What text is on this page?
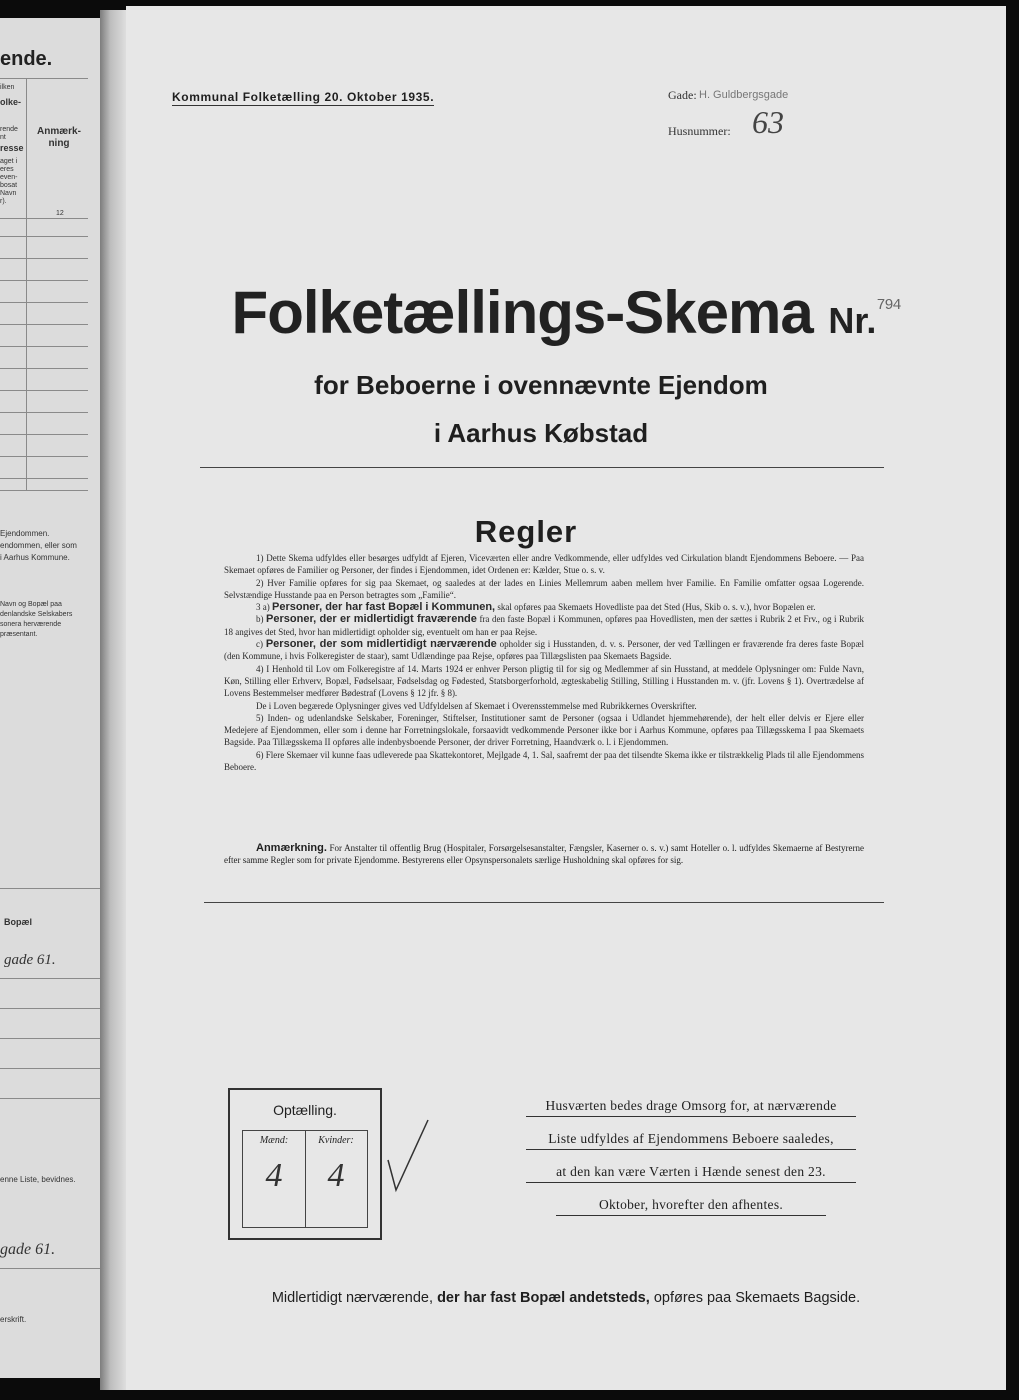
ende.
ilken
olke-
rende
nt
resse
aget i
eres
even-
bosat
Navn
r).
Anmærk-
ning
12
Ejendommen.
endommen, eller som
i Aarhus Kommune.
Navn og Bopæl paa
denlandske Selskabers
sonera herværende
præsentant.
Bopæl
gade 61.
enne Liste, bevidnes.
gade 61.
erskrift.
Kommunal Folketælling 20. Oktober 1935.	Gade: H. Guldbergsgade
Husnummer: 63
Folketællings-Skema Nr.$^{794}$
for Beboerne i ovennævnte Ejendom
i Aarhus Købstad
Regler

1) Dette Skema udfyldes eller besørges udfyldt af Ejeren, Viceværten eller andre Vedkommende, eller udfyldes ved Cirkulation blandt Ejendommens Beboere. — Paa Skemaet opføres de Familier og Personer, der findes i Ejendommen, idet Ordenen er: Kælder, Stue o. s. v.

2) Hver Familie opføres for sig paa Skemaet, og saaledes at der lades en Linies Mellemrum aaben mellem hver Familie. En Familie omfatter ogsaa Logerende. Selvstændige Husstande paa en Person betragtes som „Familie“.

3 a) Personer, der har fast Bopæl i Kommunen, skal opføres paa Skemaets Hovedliste paa det Sted (Hus, Skib o. s. v.), hvor Bopælen er.

b) Personer, der er midlertidigt fraværende fra den faste Bopæl i Kommunen, opføres paa Hovedlisten, men der sættes i Rubrik 2 et Frv., og i Rubrik 18 angives det Sted, hvor han midlertidigt opholder sig, eventuelt om han er paa Rejse.

c) Personer, der som midlertidigt nærværende opholder sig i Husstanden, d. v. s. Personer, der ved Tællingen er fraværende fra deres faste Bopæl (den Kommune, i hvis Folkeregister de staar), samt Udlændinge paa Rejse, opføres paa Tillægslisten paa Skemaets Bagside.

4) I Henhold til Lov om Folkeregistre af 14. Marts 1924 er enhver Person pligtig til for sig og Medlemmer af sin Husstand, at meddele Oplysninger om: Fulde Navn, Køn, Stilling eller Erhverv, Bopæl, Fødselsaar, Fødselsdag og Fødested, Statsborgerforhold, ægteskabelig Stilling, Stilling i Husstanden m. v. (jfr. Lovens § 1). Overtrædelse af Lovens Bestemmelser medfører Bødestraf (Lovens § 12 jfr. § 8).

De i Loven begærede Oplysninger gives ved Udfyldelsen af Skemaet i Overensstemmelse med Rubrikkernes Overskrifter.

5) Inden- og udenlandske Selskaber, Foreninger, Stiftelser, Institutioner samt de Personer (ogsaa i Udlandet hjemmehørende), der helt eller delvis er Ejere eller Medejere af Ejendommen, eller som i denne har Forretningslokale, forsaavidt vedkommende Personer ikke bor i Aarhus Kommune, opføres paa Tillægsskema I paa Skemaets Bagside. Paa Tillægsskema II opføres alle indenbysboende Personer, der driver Forretning, Haandværk o. l. i Ejendommen.

6) Flere Skemaer vil kunne faas udleverede paa Skattekontoret, Mejlgade 4, 1. Sal, saafremt der paa det tilsendte Skema ikke er tilstrækkelig Plads til alle Ejendommens Beboere.

Anmærkning. For Anstalter til offentlig Brug (Hospitaler, Forsørgelsesanstalter, Fængsler, Kaserner o. s. v.) samt Hoteller o. l. udfyldes Skemaerne af Bestyrerne efter samme Regler som for private Ejendomme. Bestyrerens eller Opsynspersonalets særlige Husholdning skal opføres for sig.
Optælling.
Mænd:	Kvinder:
4	4
Husværten bedes drage Omsorg for, at nærværende
Liste udfyldes af Ejendommens Beboere saaledes,
at den kan være Værten i Hænde senest den 23.
Oktober, hvorefter den afhentes.
Midlertidigt nærværende, der har fast Bopæl andetsteds, opføres paa Skemaets Bagside.
